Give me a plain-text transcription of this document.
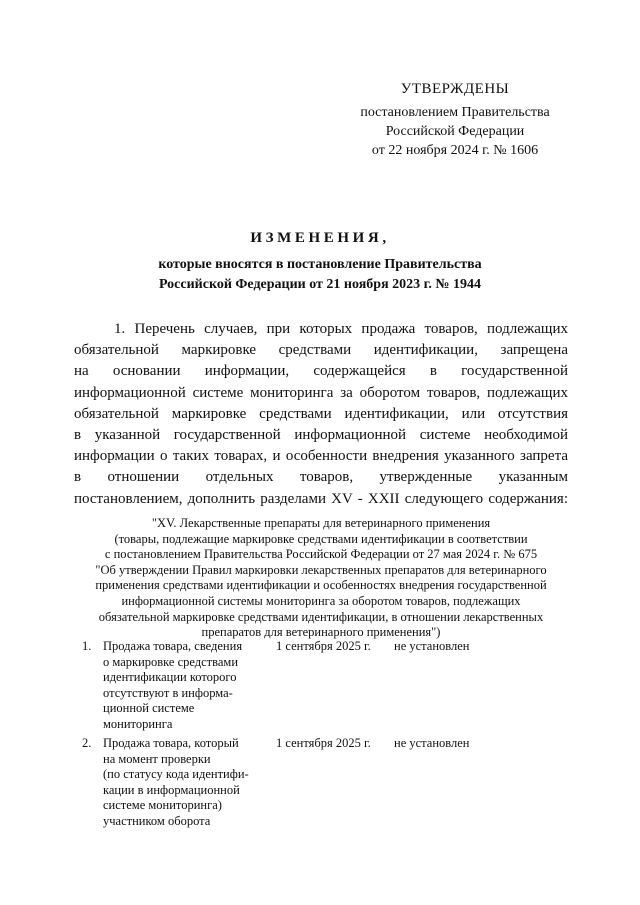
УТВЕРЖДЕНЫ
постановлением Правительства
Российской Федерации
от 22 ноября 2024 г. № 1606
ИЗМЕНЕНИЯ,
которые вносятся в постановление Правительства
Российской Федерации от 21 ноября 2023 г. № 1944
1. Перечень случаев, при которых продажа товаров, подлежащих
обязательной маркировке средствами идентификации, запрещена
на основании информации, содержащейся в государственной
информационной системе мониторинга за оборотом товаров, подлежащих
обязательной маркировке средствами идентификации, или отсутствия
в указанной государственной информационной системе необходимой
информации о таких товарах, и особенности внедрения указанного запрета
в отношении отдельных товаров, утвержденные указанным
постановлением, дополнить разделами XV - XXII следующего содержания:
"XV. Лекарственные препараты для ветеринарного применения
(товары, подлежащие маркировке средствами идентификации в соответствии
с постановлением Правительства Российской Федерации от 27 мая 2024 г. № 675
"Об утверждении Правил маркировки лекарственных препаратов для ветеринарного
применения средствами идентификации и особенностях внедрения государственной
информационной системы мониторинга за оборотом товаров, подлежащих
обязательной маркировке средствами идентификации, в отношении лекарственных
препаратов для ветеринарного применения")
1. Продажа товара, сведения
о маркировке средствами
идентификации которого
отсутствуют в информа-
ционной системе
мониторинга
1 сентября 2025 г.	не установлен
2. Продажа товара, который
на момент проверки
(по статусу кода идентифи-
кации в информационной
системе мониторинга)
участником оборота
1 сентября 2025 г.	не установлен
